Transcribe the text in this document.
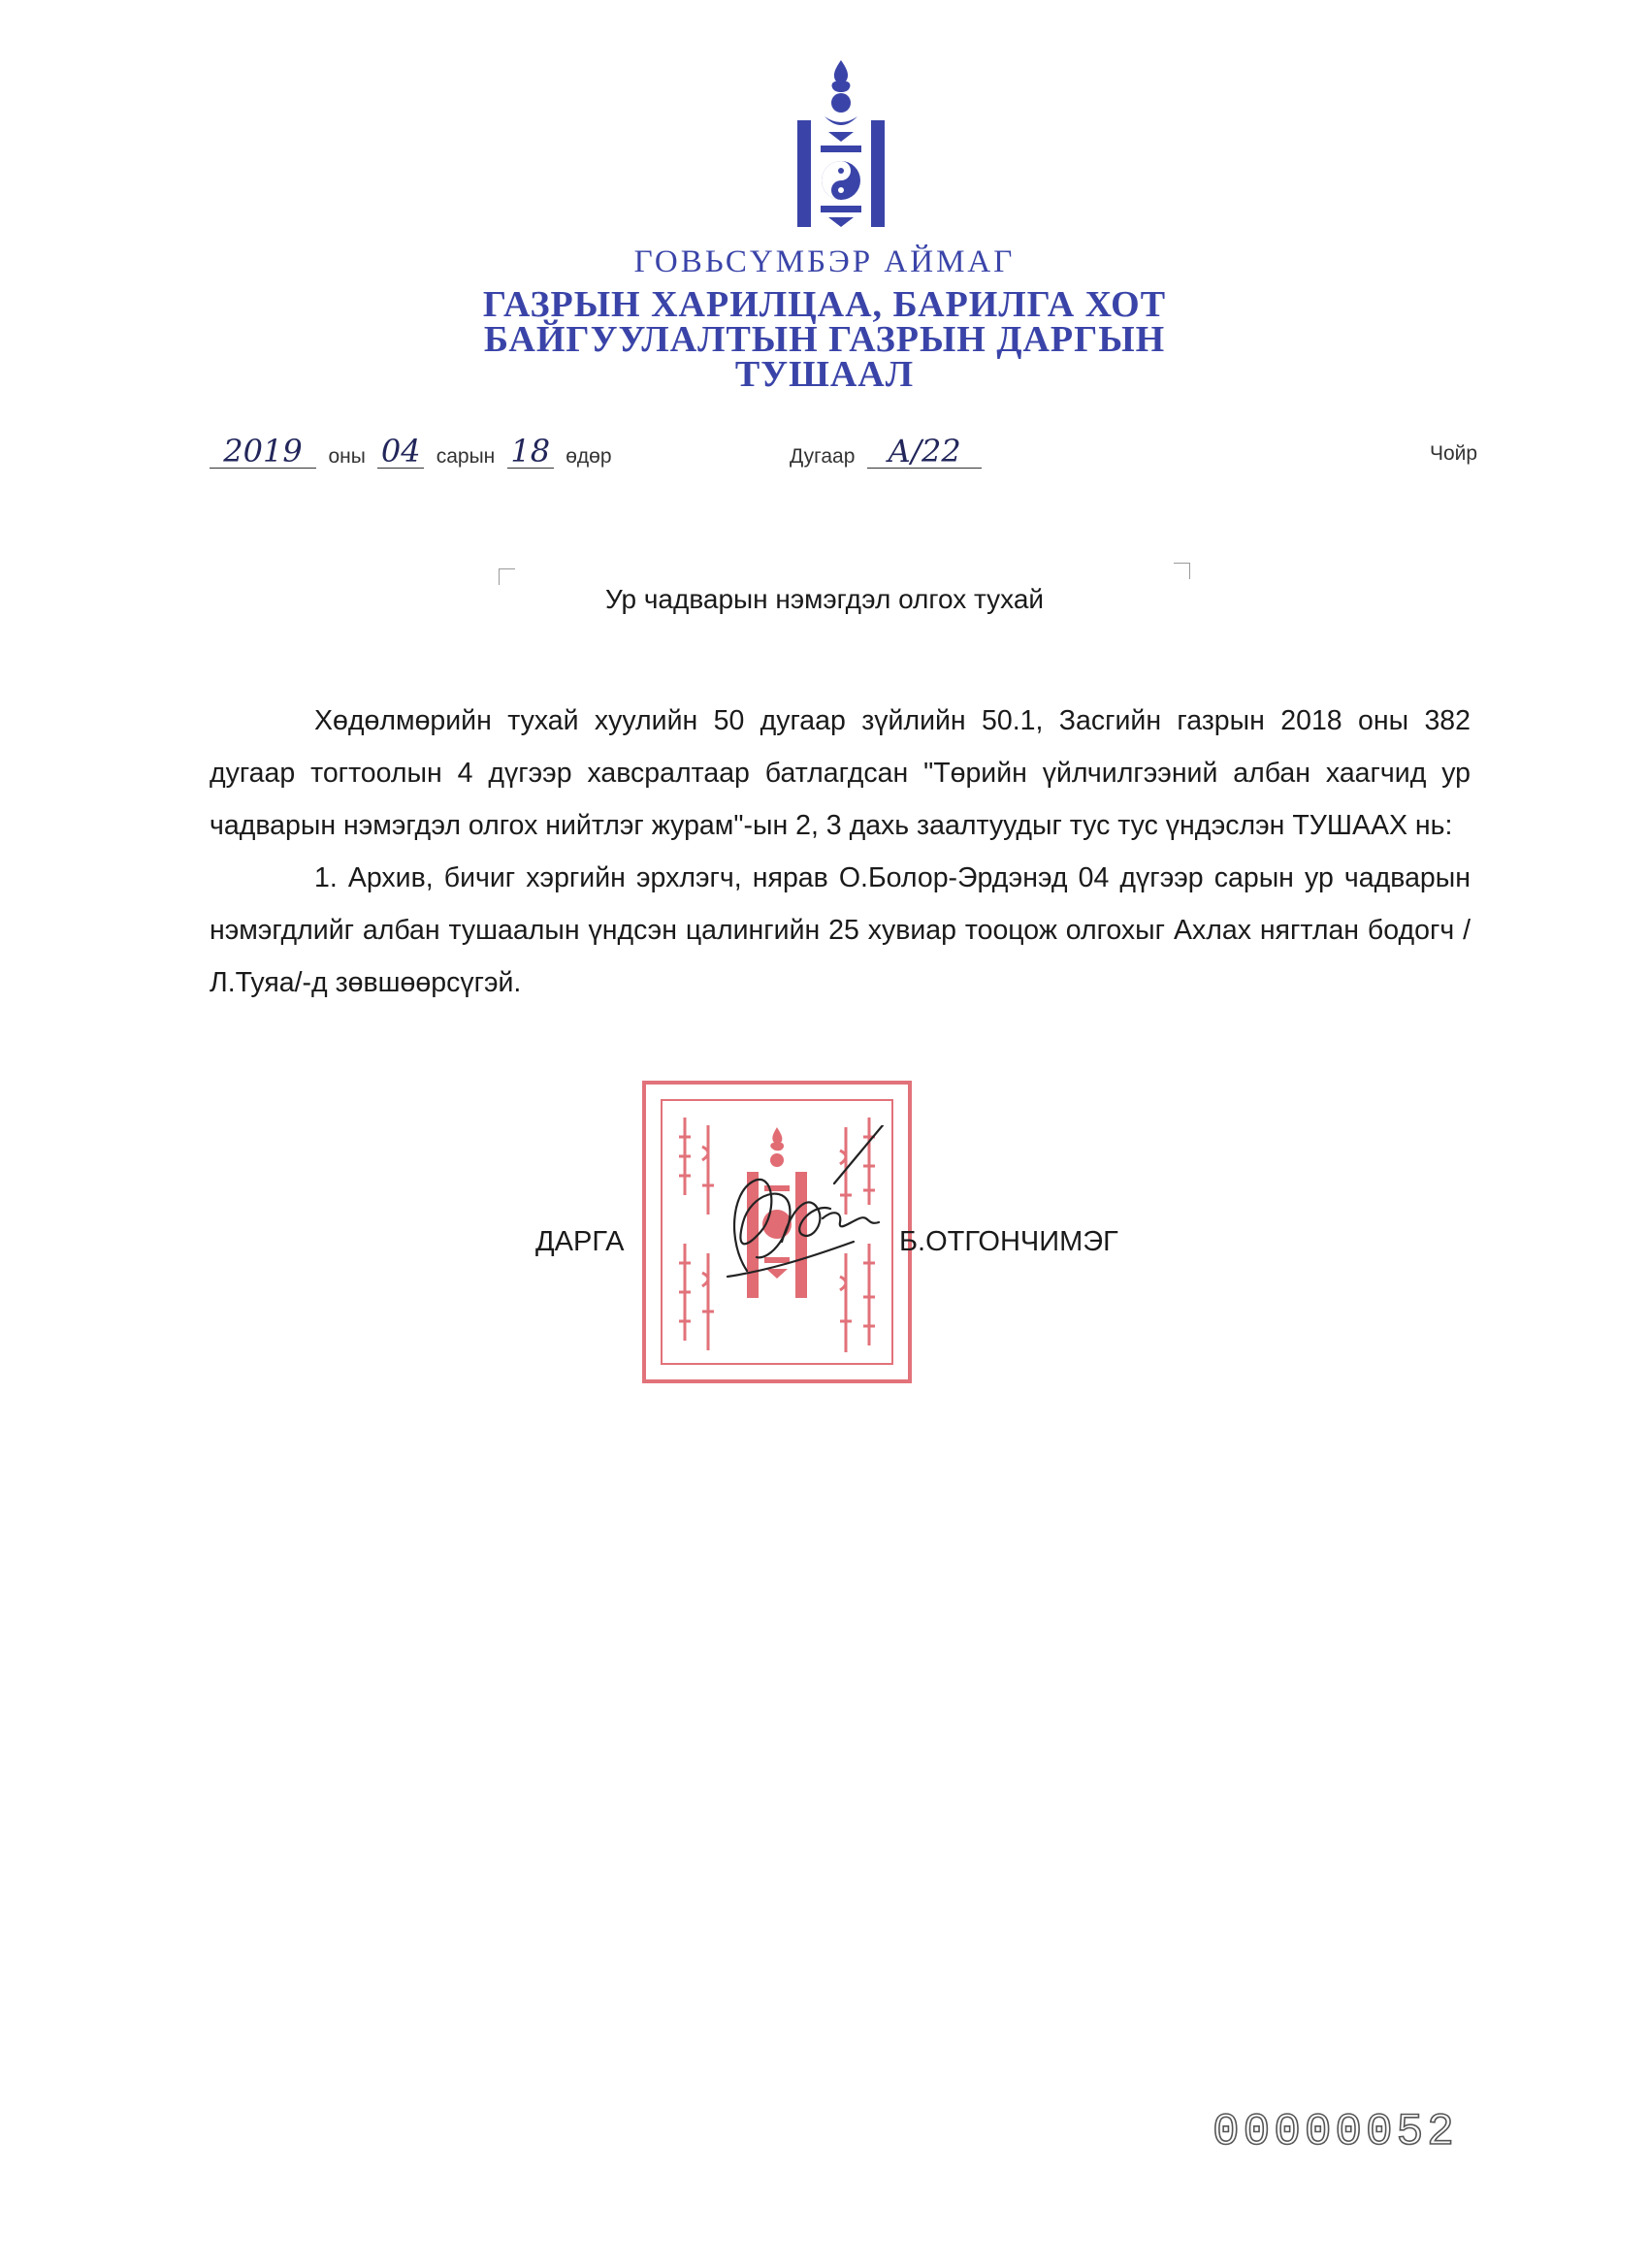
ГОВЬСҮМБЭР АЙМАГ
ГАЗРЫН ХАРИЛЦАА, БАРИЛГА ХОТ
БАЙГУУЛАЛТЫН ГАЗРЫН ДАРГЫН
ТУШААЛ
2019 оны 04 сарын 18 өдөр	Дугаар А/22	Чойр
Ур чадварын нэмэгдэл олгох тухай

Хөдөлмөрийн тухай хуулийн 50 дугаар зүйлийн 50.1, Засгийн газрын 2018 оны 382 дугаар тогтоолын 4 дүгээр хавсралтаар батлагдсан "Төрийн үйлчилгээний албан хаагчид ур чадварын нэмэгдэл олгох нийтлэг журам"-ын 2, 3 дахь заалтуудыг тус тус үндэслэн ТУШААХ нь:

1. Архив, бичиг хэргийн эрхлэгч, нярав О.Болор-Эрдэнэд 04 дүгээр сарын ур чадварын нэмэгдлийг албан тушаалын үндсэн цалингийн 25 хувиар тооцож олгохыг Ахлах нягтлан бодогч /Л.Туяа/-д зөвшөөрсүгэй.

ДАРГА	Б.ОТГОНЧИМЭГ
00000052
